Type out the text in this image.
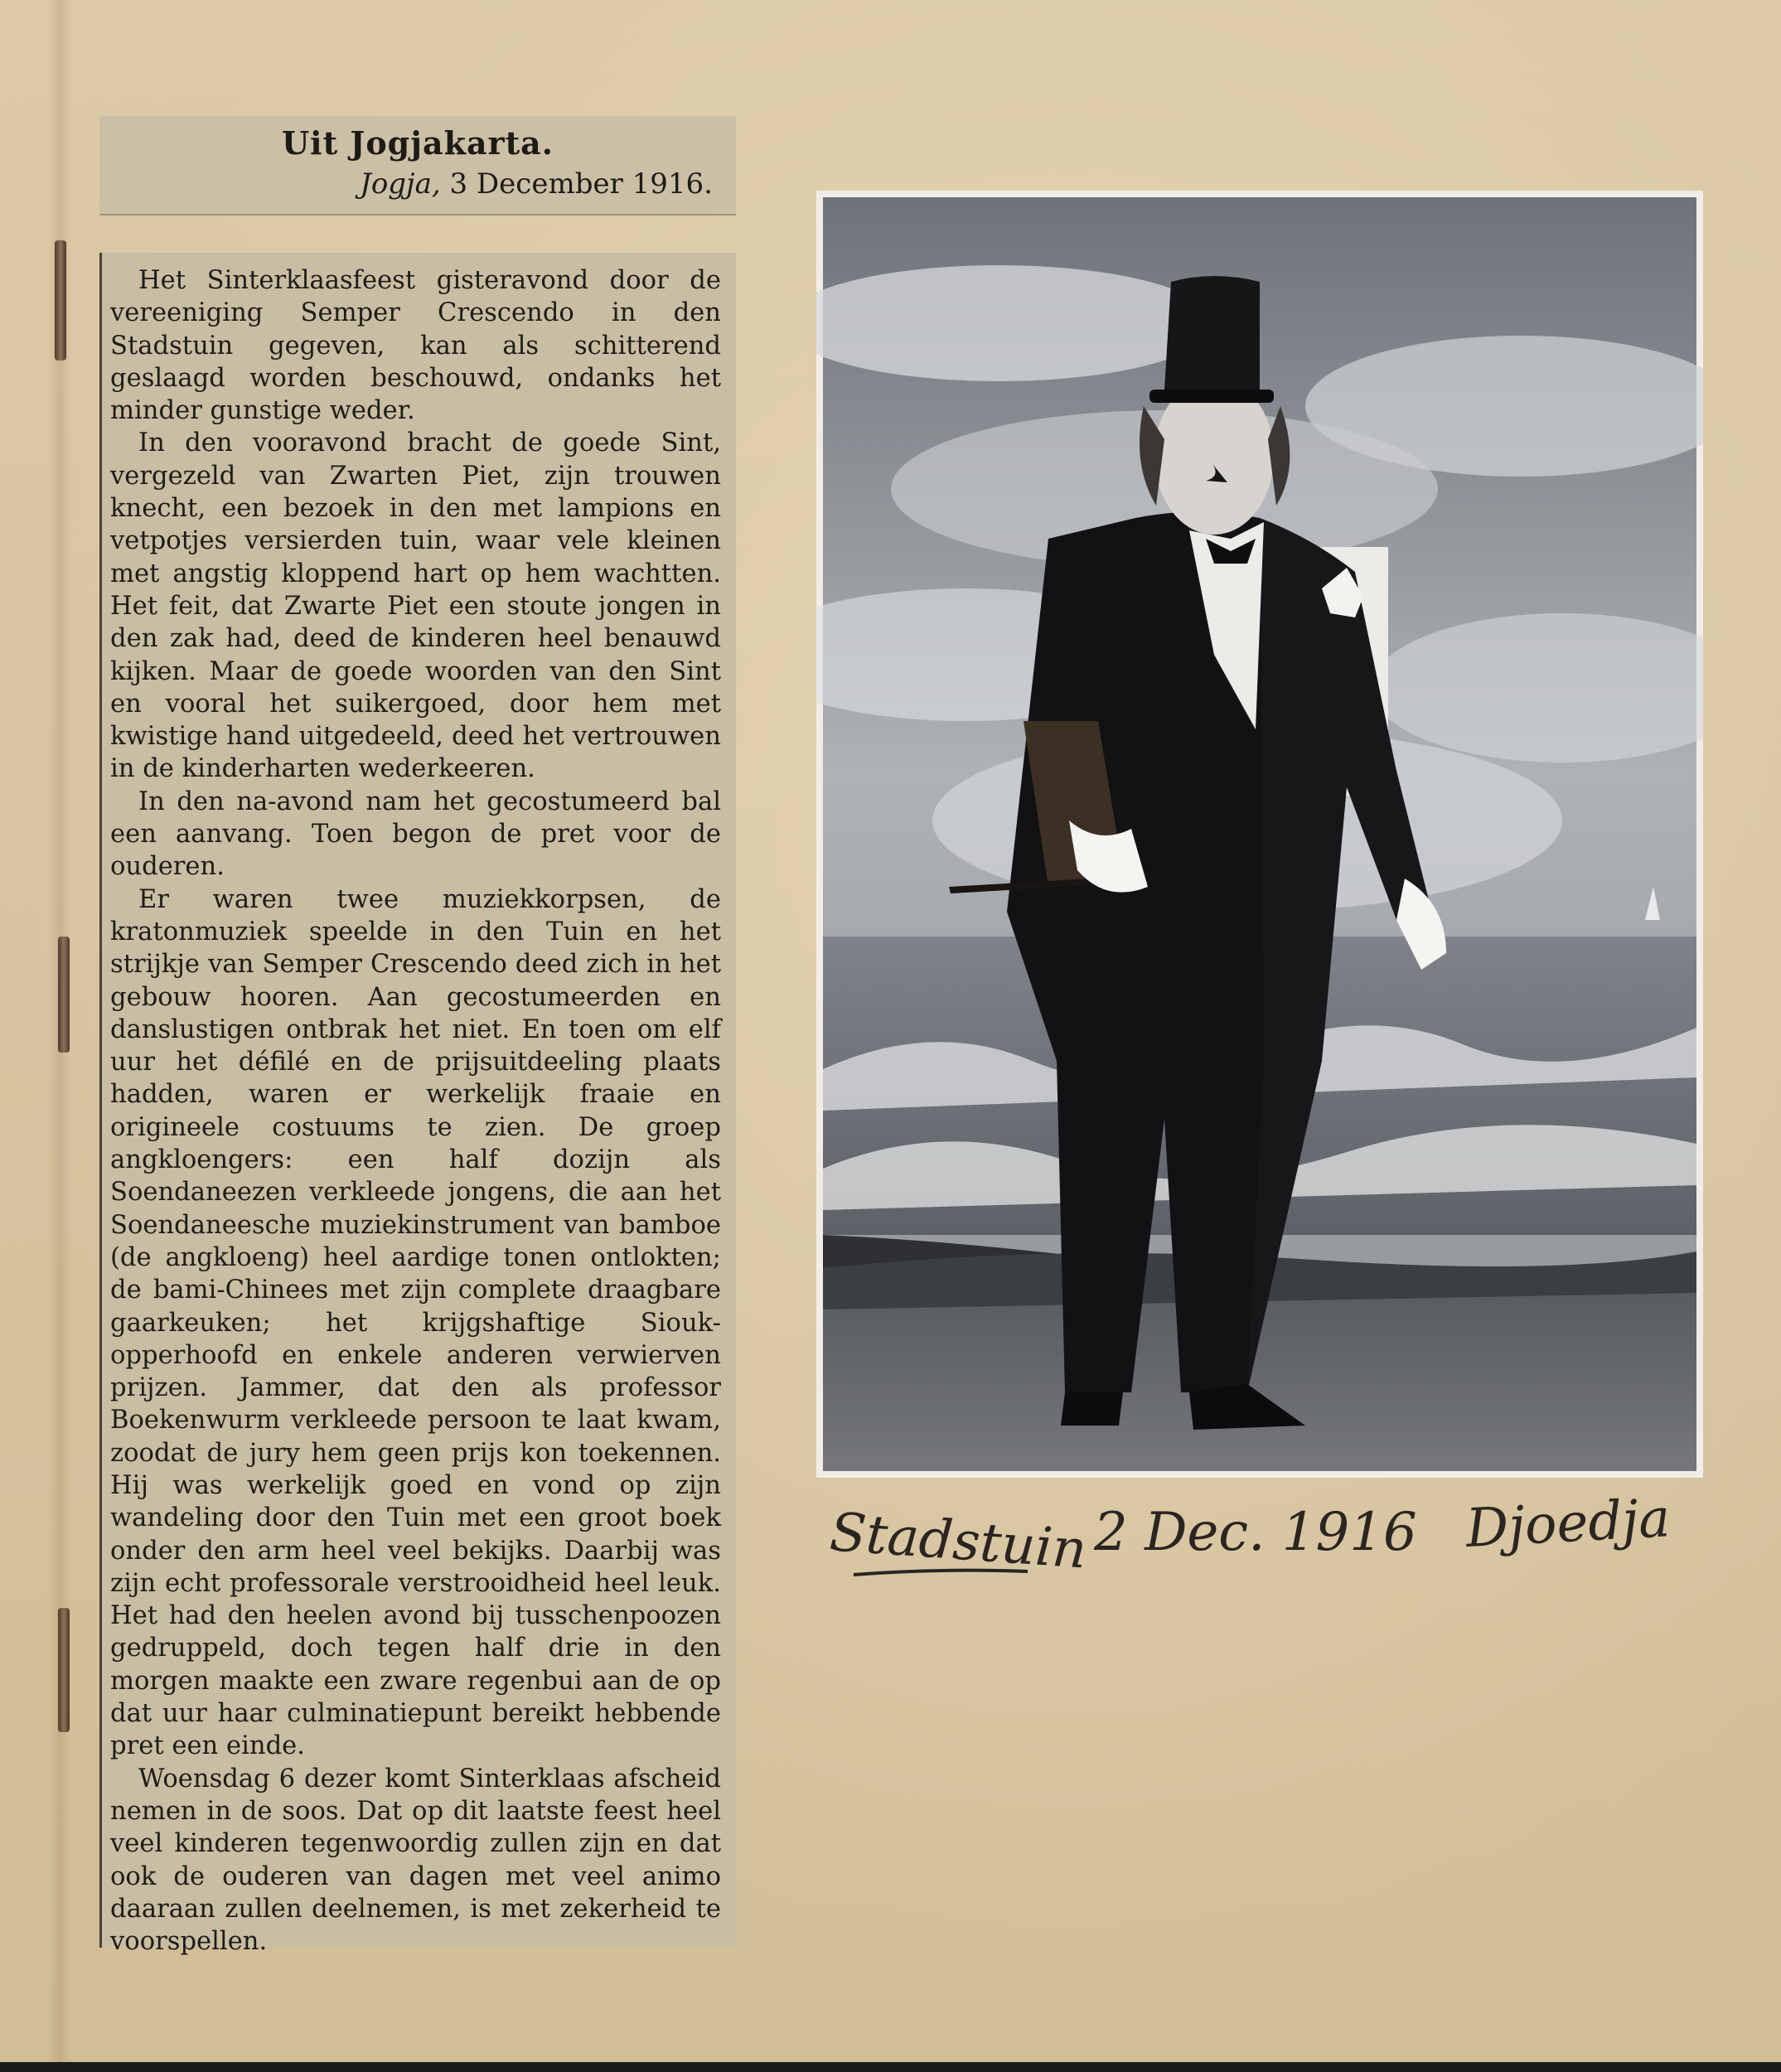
Uit Jogjakarta.
Jogja, 3 December 1916.

Het Sinterklaasfeest gisteravond door de vereeniging Semper Crescendo in den Stadstuin gegeven, kan als schitterend geslaagd worden beschouwd, ondanks het minder gunstige weder.

In den vooravond bracht de goede Sint, vergezeld van Zwarten Piet, zijn trouwen knecht, een bezoek in den met lampions en vetpotjes versierden tuin, waar vele kleinen met angstig kloppend hart op hem wachtten. Het feit, dat Zwarte Piet een stoute jongen in den zak had, deed de kinderen heel benauwd kijken. Maar de goede woorden van den Sint en vooral het suikergoed, door hem met kwistige hand uitgedeeld, deed het vertrouwen in de kinderharten wederkeeren.

In den na-avond nam het gecostumeerd bal een aanvang. Toen begon de pret voor de ouderen.

Er waren twee muziekkorpsen, de kratonmuziek speelde in den Tuin en het strijkje van Semper Crescendo deed zich in het gebouw hooren. Aan gecostumeerden en danslustigen ontbrak het niet. En toen om elf uur het défilé en de prijsuitdeeling plaats hadden, waren er werkelijk fraaie en origineele costuums te zien. De groep angkloengers: een half dozijn als Soendaneezen verkleede jongens, die aan het Soendaneesche muziekinstrument van bamboe (de angkloeng) heel aardige tonen ontlokten; de bami-Chinees met zijn complete draagbare gaarkeuken; het krijgshaftige Siouk-opperhoofd en enkele anderen verwierven prijzen. Jammer, dat den als professor Boekenwurm verkleede persoon te laat kwam, zoodat de jury hem geen prijs kon toekennen. Hij was werkelijk goed en vond op zijn wandeling door den Tuin met een groot boek onder den arm heel veel bekijks. Daarbij was zijn echt professorale verstrooidheid heel leuk. Het had den heelen avond bij tusschenpoozen gedruppeld, doch tegen half drie in den morgen maakte een zware regenbui aan de op dat uur haar culminatiepunt bereikt hebbende pret een einde.

Woensdag 6 dezer komt Sinterklaas afscheid nemen in de soos. Dat op dit laatste feest heel veel kinderen tegenwoordig zullen zijn en dat ook de ouderen van dagen met veel animo daaraan zullen deelnemen, is met zekerheid te voorspellen.

Stadstuin 2 Dec. 1916 Djoedja
